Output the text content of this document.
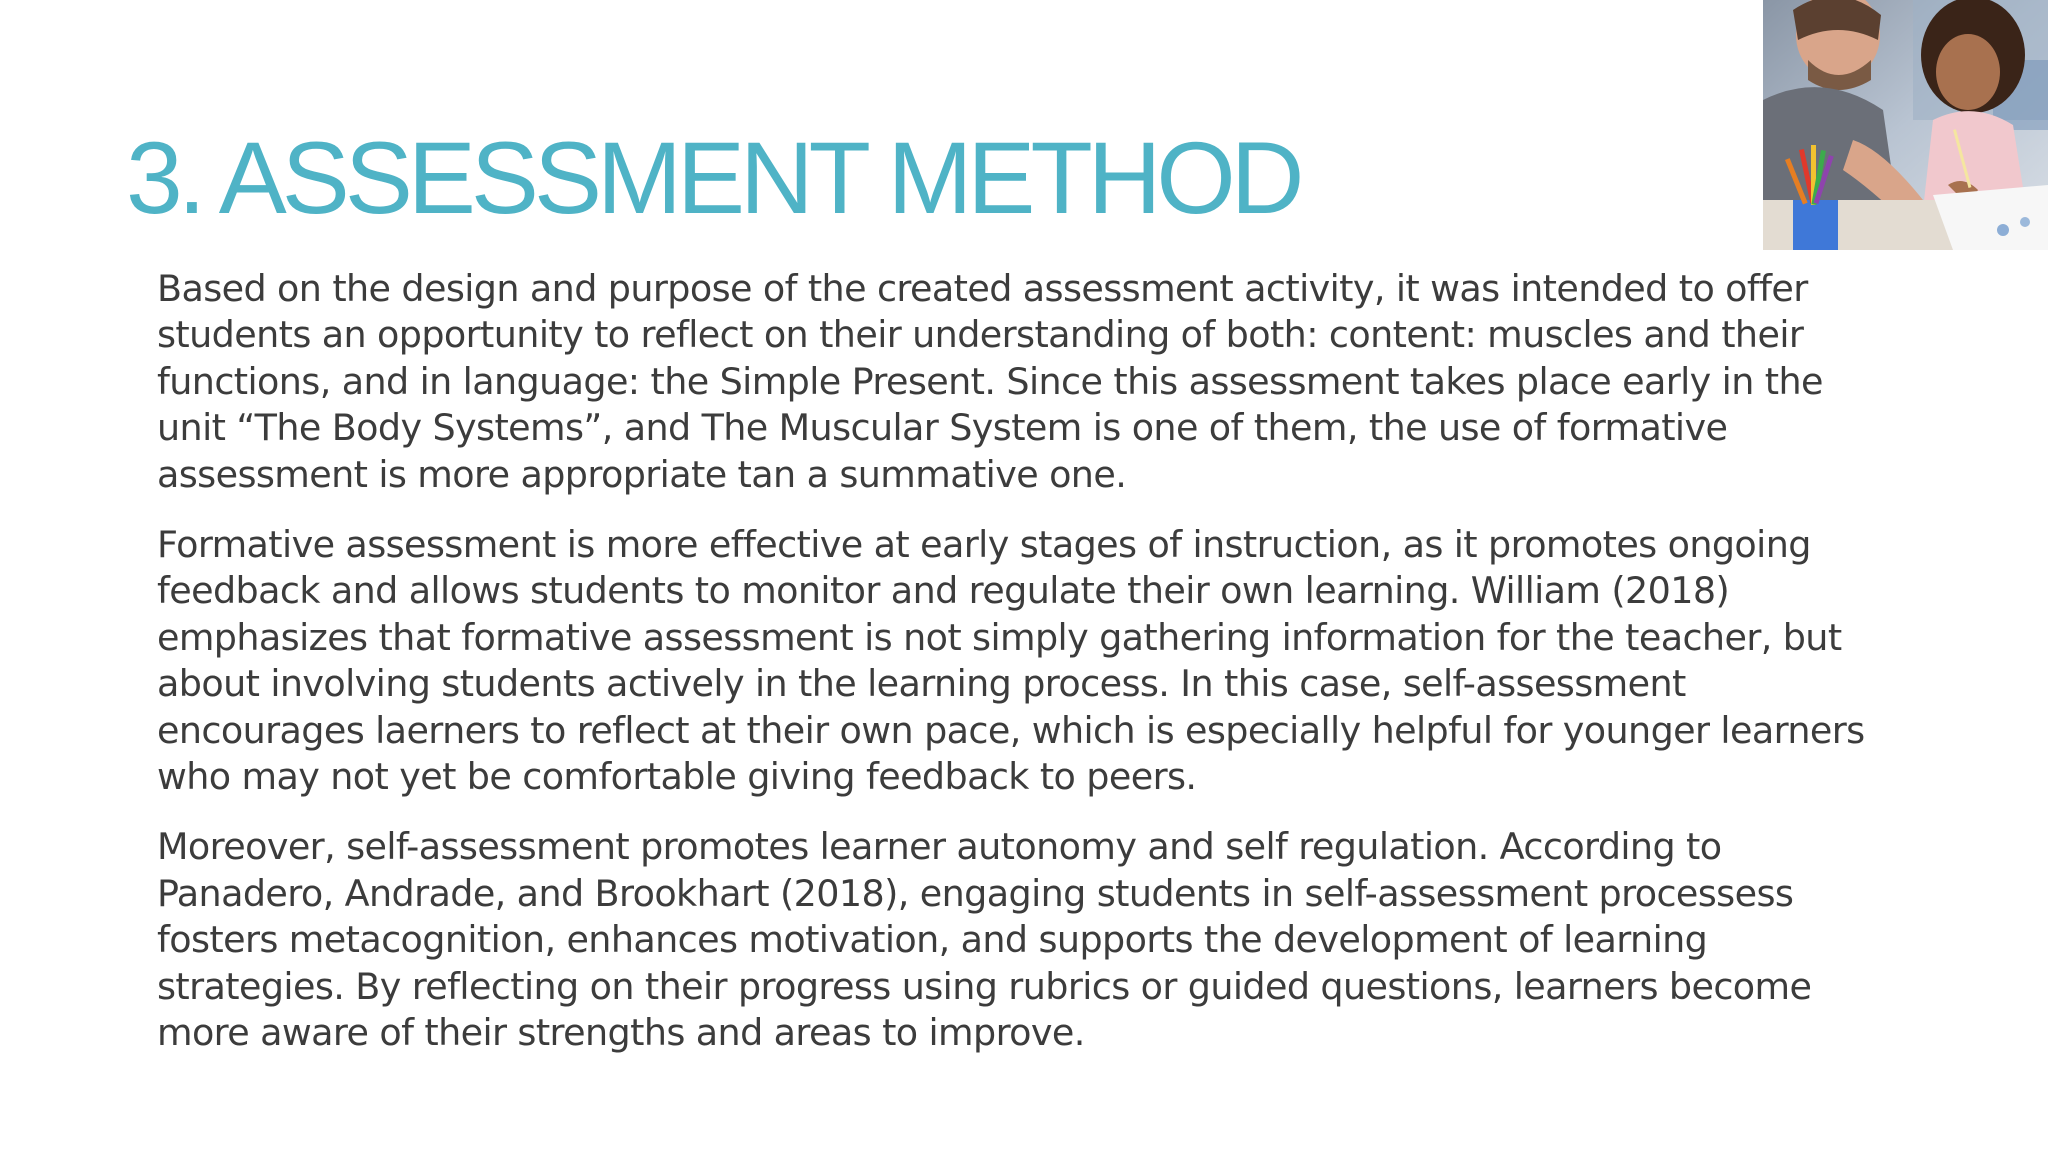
3. ASSESSMENT METHOD

Based on the design and purpose of the created assessment activity, it was intended to offer students an opportunity to reflect on their understanding of both: content: muscles and their functions, and in language: the Simple Present. Since this assessment takes place early in the unit “The Body Systems”, and The Muscular System is one of them, the use of formative assessment is more appropriate tan a summative one.

Formative assessment is more effective at early stages of instruction, as it promotes ongoing feedback and allows students to monitor and regulate their own learning. William (2018) emphasizes that formative assessment is not simply gathering information for the teacher, but about involving students actively in the learning process. In this case, self-assessment encourages laerners to reflect at their own pace, which is especially helpful for younger learners who may not yet be comfortable giving feedback to peers.

Moreover, self-assessment promotes learner autonomy and self regulation. According to Panadero, Andrade, and Brookhart (2018), engaging students in self-assessment processess fosters metacognition, enhances motivation, and supports the development of learning strategies. By reflecting on their progress using rubrics or guided questions, learners become more aware of their strengths and areas to improve.
